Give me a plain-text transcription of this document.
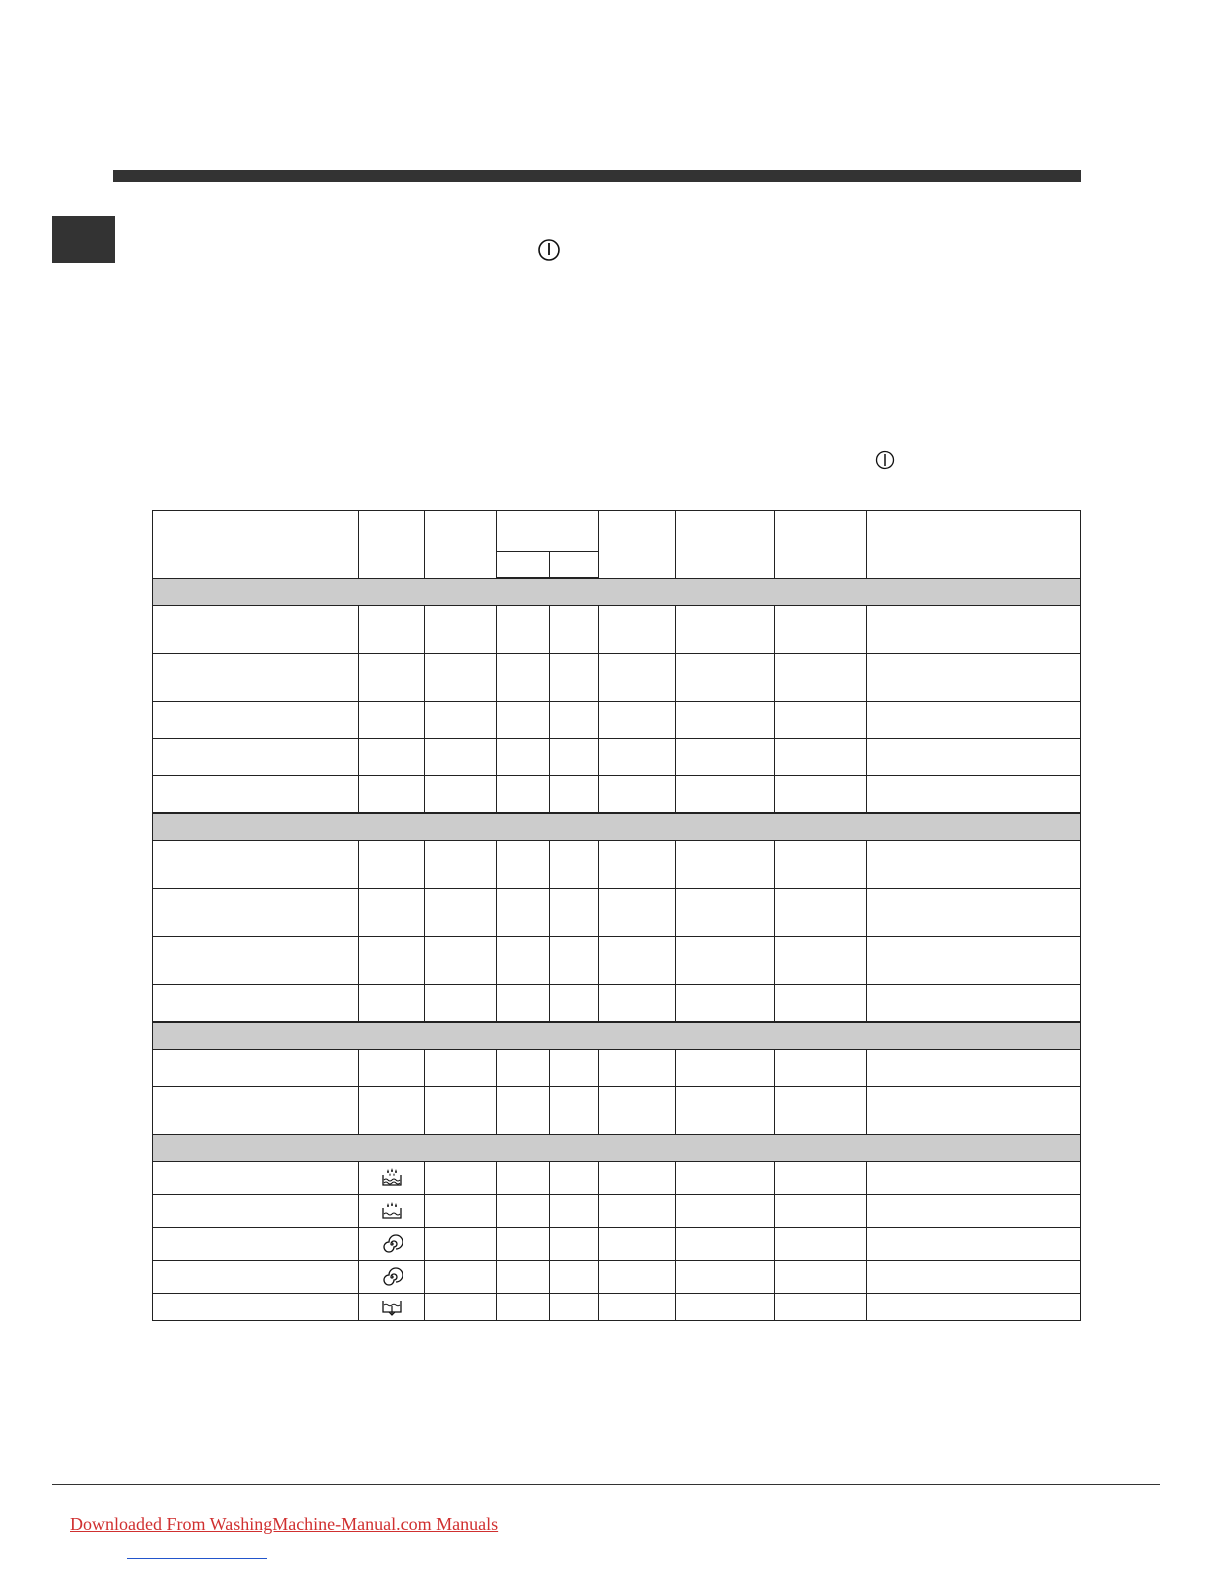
Downloaded From WashingMachine-Manual.com Manuals
